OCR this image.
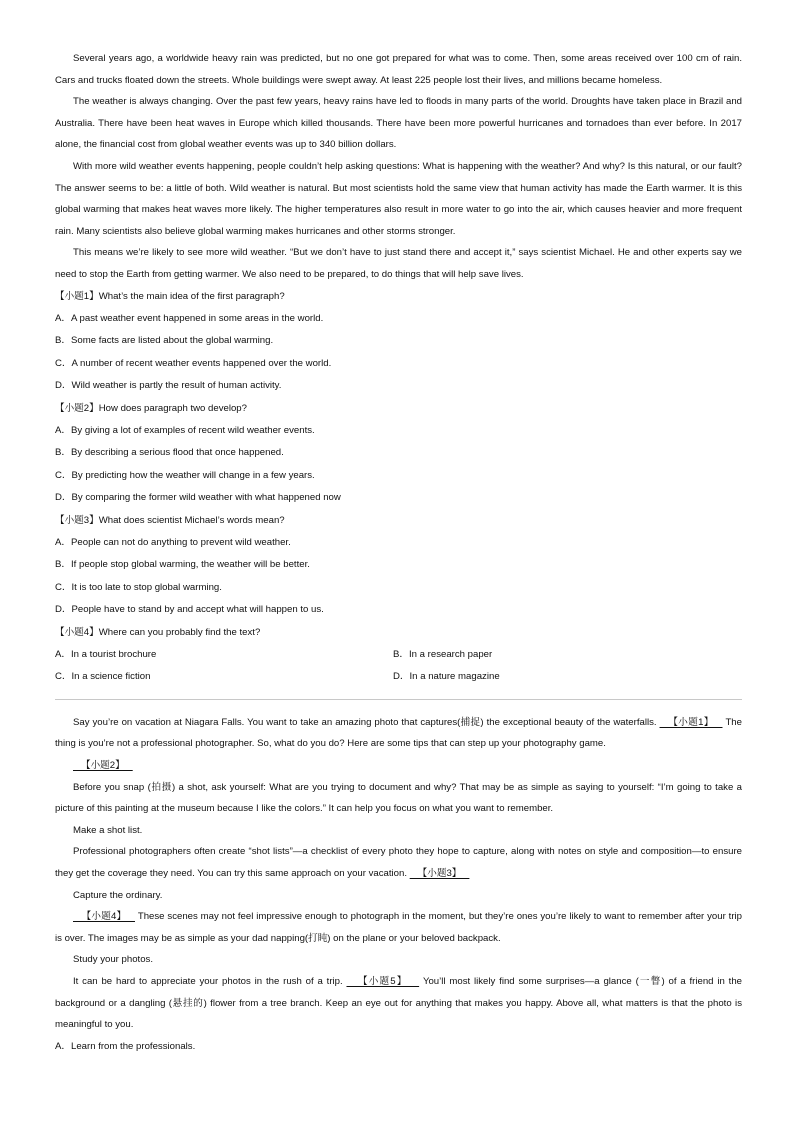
Several years ago, a worldwide heavy rain was predicted, but no one got prepared for what was to come. Then, some areas received over 100 cm of rain. Cars and trucks floated down the streets. Whole buildings were swept away. At least 225 people lost their lives, and millions became homeless.

The weather is always changing. Over the past few years, heavy rains have led to floods in many parts of the world. Droughts have taken place in Brazil and Australia. There have been heat waves in Europe which killed thousands. There have been more powerful hurricanes and tornadoes than ever before. In 2017 alone, the financial cost from global weather events was up to 340 billion dollars.

With more wild weather events happening, people couldn’t help asking questions: What is happening with the weather? And why? Is this natural, or our fault? The answer seems to be: a little of both. Wild weather is natural. But most scientists hold the same view that human activity has made the Earth warmer. It is this global warming that makes heat waves more likely. The higher temperatures also result in more water to go into the air, which causes heavier and more frequent rain. Many scientists also believe global warming makes hurricanes and other storms stronger.

This means we’re likely to see more wild weather. “But we don’t have to just stand there and accept it,” says scientist Michael. He and other experts say we need to stop the Earth from getting warmer. We also need to be prepared, to do things that will help save lives.

【小题1】What’s the main idea of the first paragraph?

A．A past weather event happened in some areas in the world.

B．Some facts are listed about the global warming.

C．A number of recent weather events happened over the world.

D．Wild weather is partly the result of human activity.

【小题2】How does paragraph two develop?

A．By giving a lot of examples of recent wild weather events.

B．By describing a serious flood that once happened.

C．By predicting how the weather will change in a few years.

D．By comparing the former wild weather with what happened now

【小题3】What does scientist Michael’s words mean?

A．People can not do anything to prevent wild weather.

B．If people stop global warming, the weather will be better.

C．It is too late to stop global warming.

D．People have to stand by and accept what will happen to us.

【小题4】Where can you probably find the text?

A．In a tourist brochure	B．In a research paper
C．In a science fiction	D．In a nature magazine

Say you’re on vacation at Niagara Falls. You want to take an amazing photo that captures(捕捉) the exceptional beauty of the waterfalls.    【小题1】    The thing is you’re not a professional photographer. So, what do you do? Here are some tips that can step up your photography game.

【小题2】

Before you snap (拍摄) a shot, ask yourself: What are you trying to document and why? That may be as simple as saying to yourself: “I’m going to take a picture of this painting at the museum because I like the colors.” It can help you focus on what you want to remember.

Make a shot list.

Professional photographers often create “shot lists”—a checklist of every photo they hope to capture, along with notes on style and composition—to ensure they get the coverage they need. You can try this same approach on your vacation.    【小题3】

Capture the ordinary.

【小题4】    These scenes may not feel impressive enough to photograph in the moment, but they’re ones you’re likely to want to remember after your trip is over. The images may be as simple as your dad napping(打盹) on the plane or your beloved backpack.

Study your photos.

It can be hard to appreciate your photos in the rush of a trip.    【小题5】    You’ll most likely find some surprises—a glance (一瞥) of a friend in the background or a dangling (悬挂的) flower from a tree branch. Keep an eye out for anything that makes you happy. Above all, what matters is that the photo is meaningful to you.

A．Learn from the professionals.
